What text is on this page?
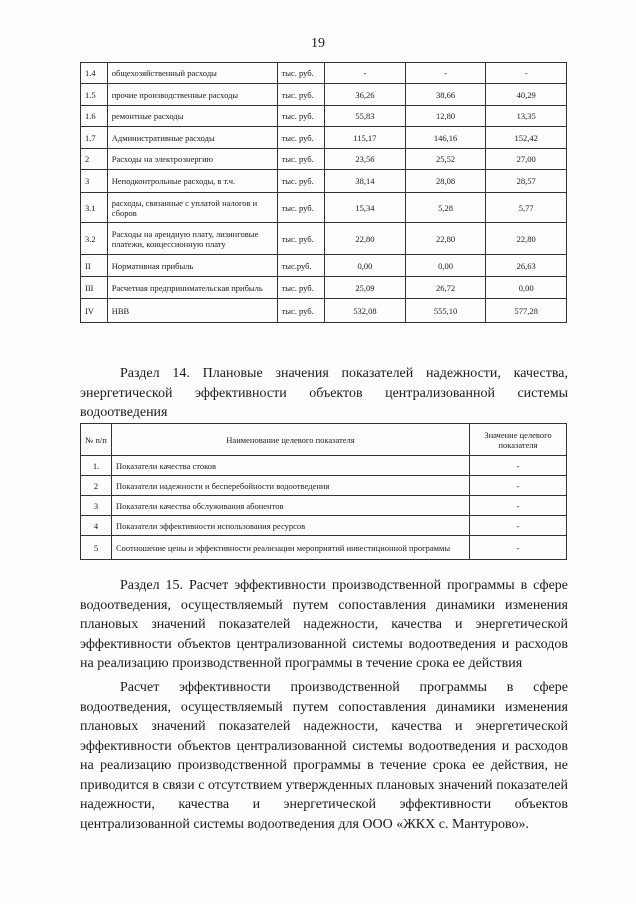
19
1.4	общехозяйственный расходы	тыс. руб.	-	-	-
1.5	прочие производственные расходы	тыс. руб.	36,26	38,66	40,29
1.6	ремонтные расходы	тыс. руб.	55,83	12,80	13,35
1.7	Административные расходы	тыс. руб.	115,17	146,16	152,42
2	Расходы на электроэнергию	тыс. руб.	23,56	25,52	27,00
3	Неподконтрольные расходы, в т.ч.	тыс. руб.	38,14	28,08	28,57
3.1	расходы, связанные с уплатой налогов и сборов	тыс. руб.	15,34	5,28	5,77
3.2	Расходы на арендную плату, лизинговые платежи, концессионную плату	тыс. руб.	22,80	22,80	22,80
II	Нормативная прибыль	тыс.руб.	0,00	0,00	26,63
III	Расчетная предпринимательская прибыль	тыс. руб.	25,09	26,72	0,00
IV	НВВ	тыс. руб.	532,08	555,10	577,28
Раздел 14. Плановые значения показателей надежности, качества, энергетической эффективности объектов централизованной системы водоотведения
№ п/п	Наименование целевого показателя	Значение целевого показателя
1.	Показатели качества стоков	-
2	Показатели надежности и бесперебойности водоотведения	-
3	Показатели качества обслуживания абонентов	-
4	Показатели эффективности использования ресурсов	-
5	Соотношение цены и эффективности реализации мероприятий инвестиционной программы	-
Раздел 15. Расчет эффективности производственной программы в сфере водоотведения, осуществляемый путем сопоставления динамики изменения плановых значений показателей надежности, качества и энергетической эффективности объектов централизованной системы водоотведения и расходов на реализацию производственной программы в течение срока ее действия
Расчет эффективности производственной программы в сфере водоотведения, осуществляемый путем сопоставления динамики изменения плановых значений показателей надежности, качества и энергетической эффективности объектов централизованной системы водоотведения и расходов на реализацию производственной программы в течение срока ее действия, не приводится в связи с отсутствием утвержденных плановых значений показателей надежности, качества и энергетической эффективности объектов централизованной системы водоотведения для ООО «ЖКХ с. Мантурово».
